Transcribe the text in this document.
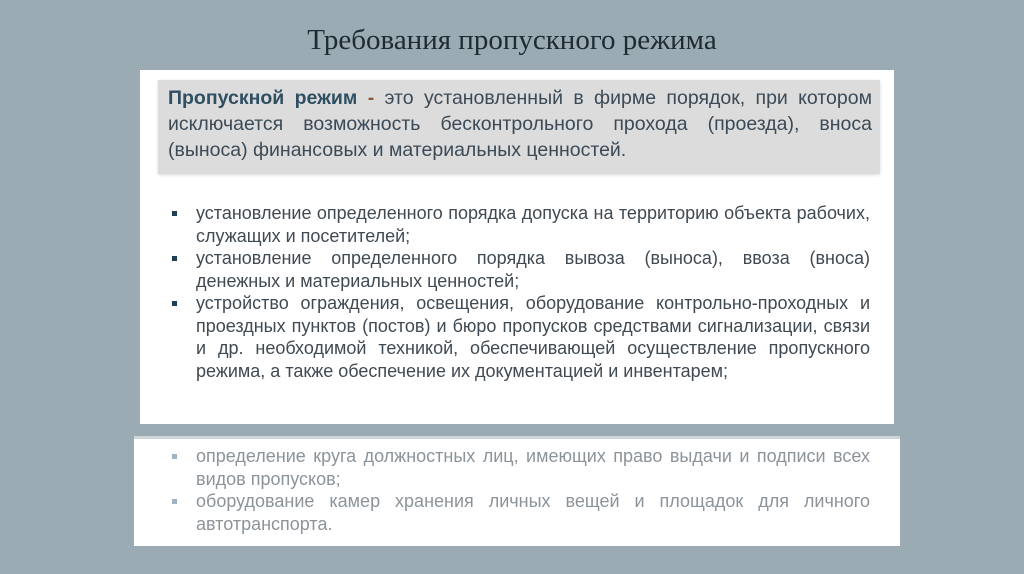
Требования пропускного режима

Пропускной режим - это установленный в фирме порядок, при котором исключается возможность бесконтрольного прохода (проезда), вноса (выноса) финансовых и материальных ценностей.

установление определенного порядка допуска на территорию объекта рабочих, служащих и посетителей;
установление определенного порядка вывоза (выноса), ввоза (вноса) денежных и материальных ценностей;
устройство ограждения, освещения, оборудование контрольно-проходных и проездных пунктов (постов) и бюро пропусков средствами сигнализации, связи и др. необходимой техникой, обеспечивающей осуществление пропускного режима, а также обеспечение их документацией и инвентарем;
определение круга должностных лиц, имеющих право выдачи и подписи всех видов пропусков;
оборудование камер хранения личных вещей и площадок для личного автотранспорта.
